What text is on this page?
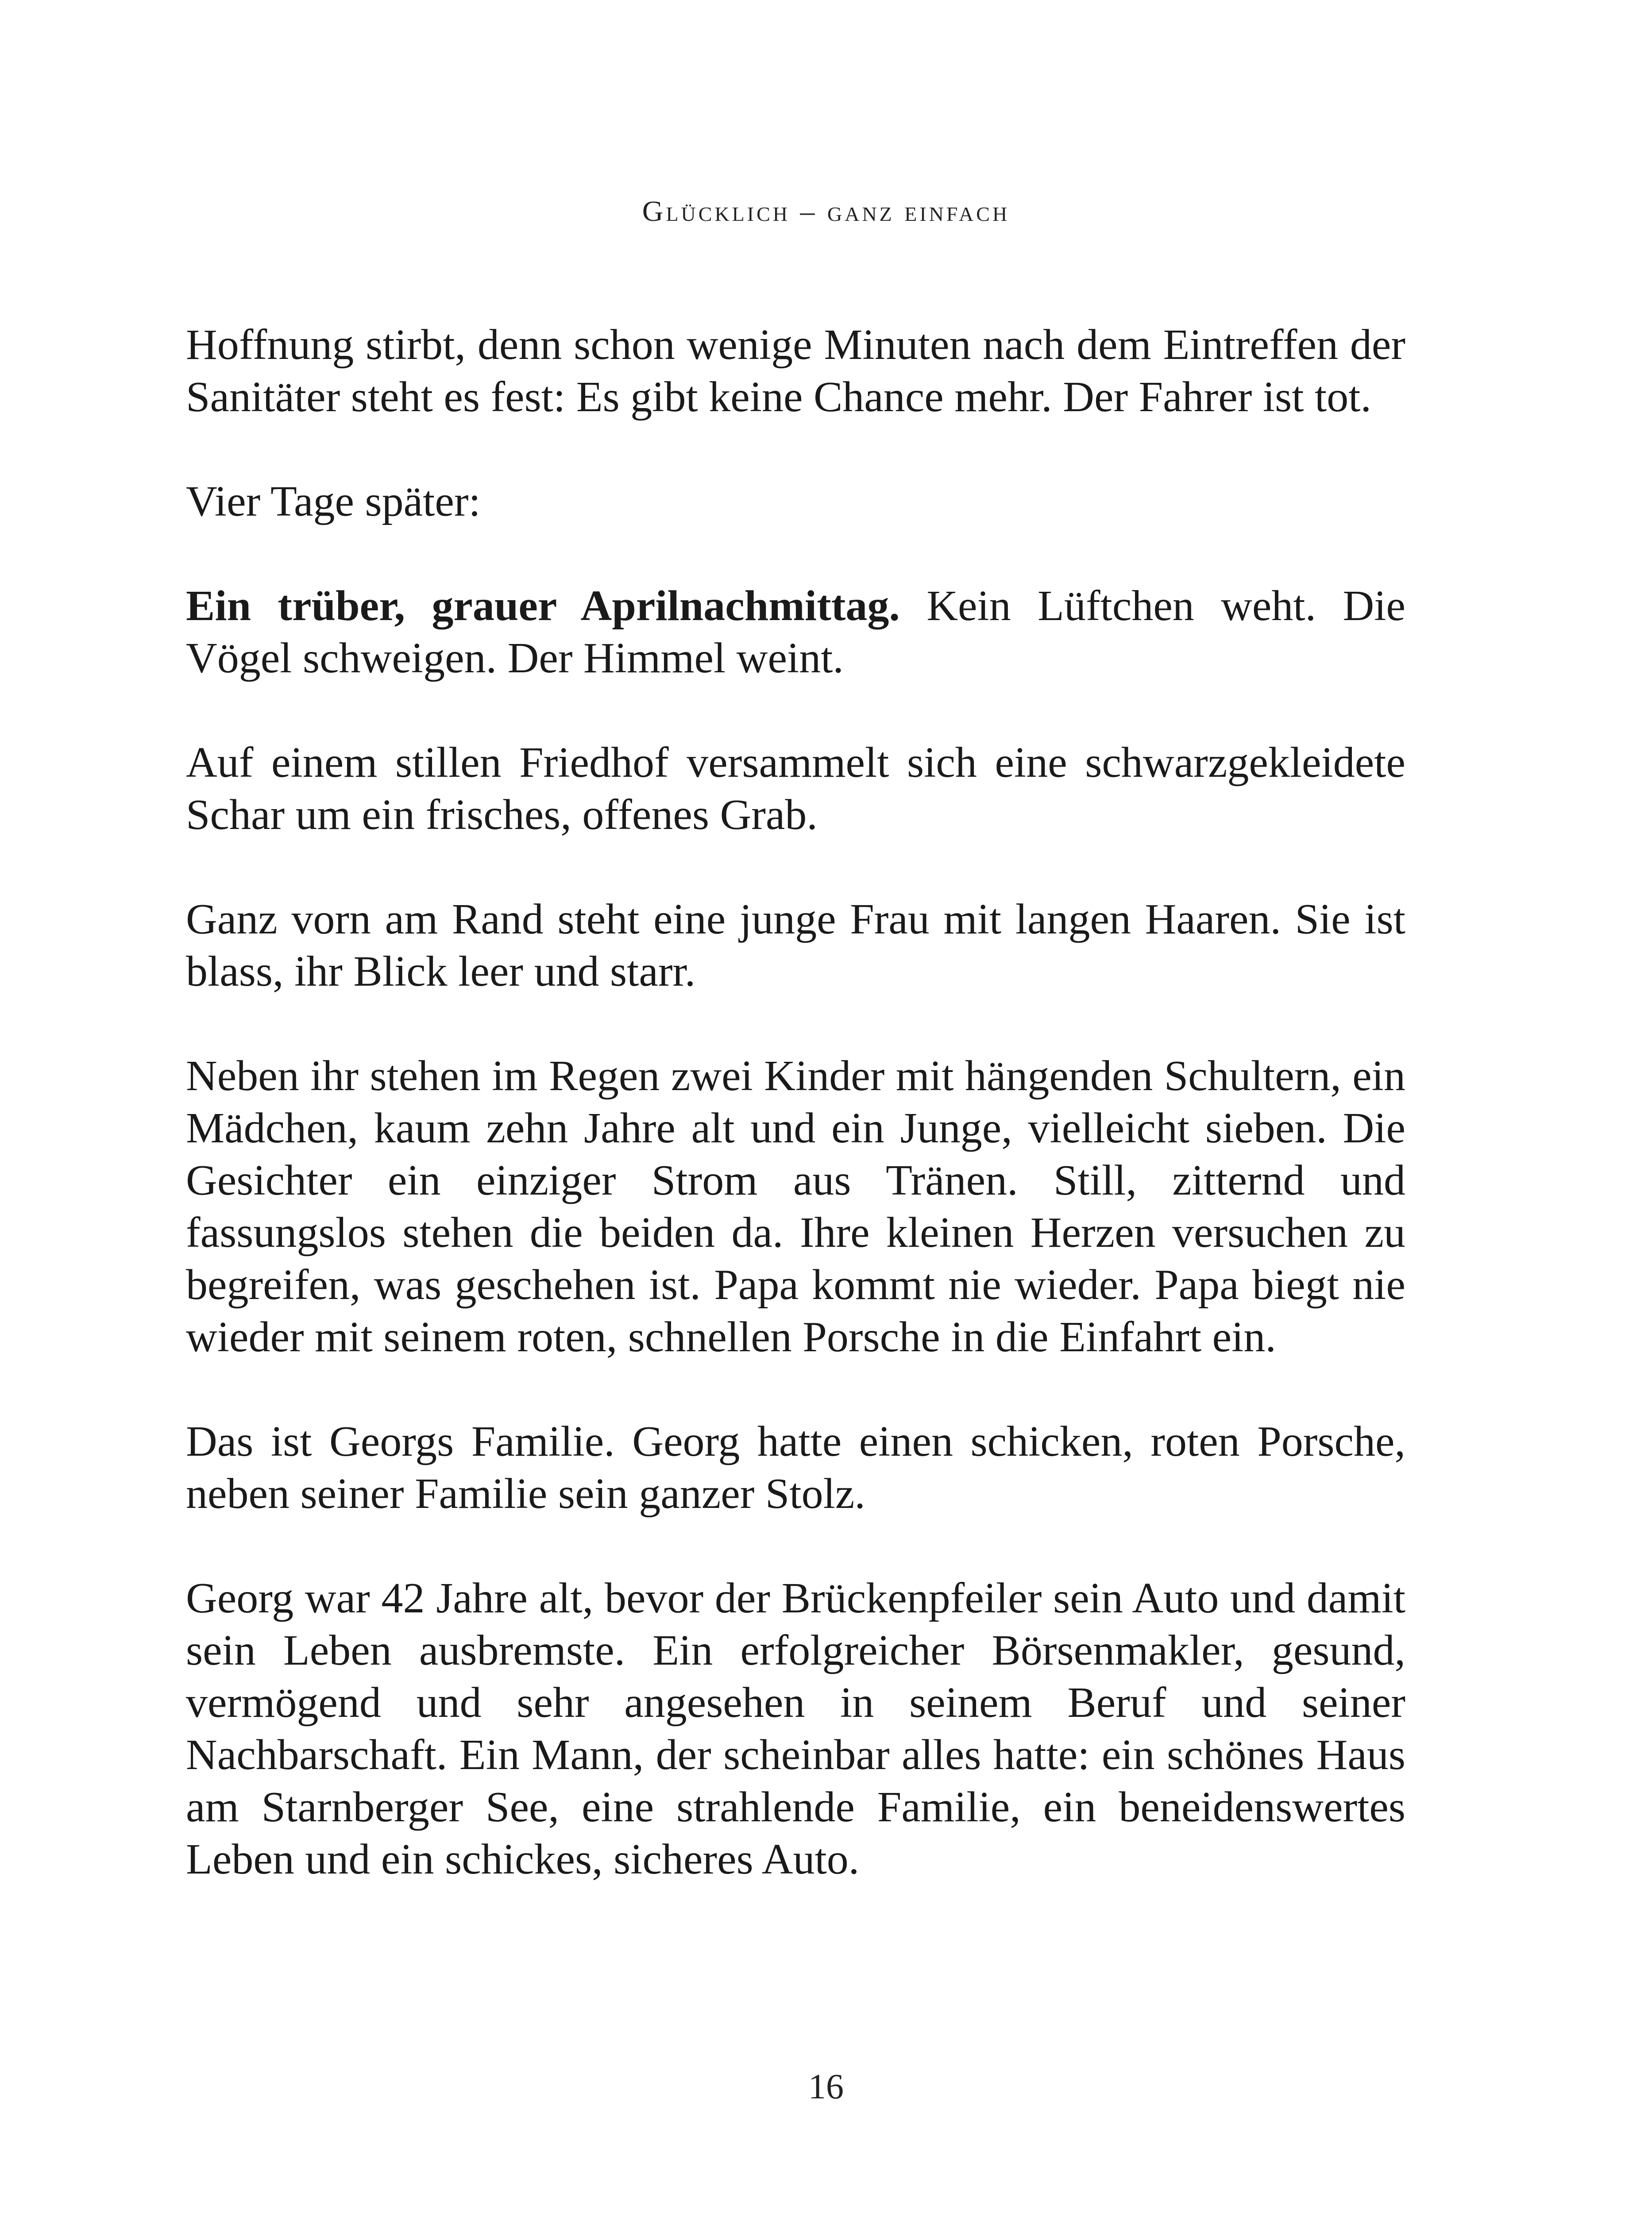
Glücklich – ganz einfach

Hoffnung stirbt, denn schon wenige Minuten nach dem Eintreffen der Sanitäter steht es fest: Es gibt keine Chance mehr. Der Fahrer ist tot.

Vier Tage später:

Ein trüber, grauer Aprilnachmittag. Kein Lüftchen weht. Die Vögel schweigen. Der Himmel weint.

Auf einem stillen Friedhof versammelt sich eine schwarzgekleidete Schar um ein frisches, offenes Grab.

Ganz vorn am Rand steht eine junge Frau mit langen Haaren. Sie ist blass, ihr Blick leer und starr.

Neben ihr stehen im Regen zwei Kinder mit hängenden Schultern, ein Mädchen, kaum zehn Jahre alt und ein Junge, vielleicht sieben. Die Gesichter ein einziger Strom aus Tränen. Still, zitternd und fassungslos stehen die beiden da. Ihre kleinen Herzen versuchen zu begreifen, was geschehen ist. Papa kommt nie wieder. Papa biegt nie wieder mit seinem roten, schnellen Porsche in die Einfahrt ein.

Das ist Georgs Familie. Georg hatte einen schicken, roten Porsche, neben seiner Familie sein ganzer Stolz.

Georg war 42 Jahre alt, bevor der Brückenpfeiler sein Auto und damit sein Leben ausbremste. Ein erfolgreicher Börsenmakler, gesund, vermögend und sehr angesehen in seinem Beruf und seiner Nachbarschaft. Ein Mann, der scheinbar alles hatte: ein schönes Haus am Starnberger See, eine strahlende Familie, ein beneidenswertes Leben und ein schickes, sicheres Auto.

16
